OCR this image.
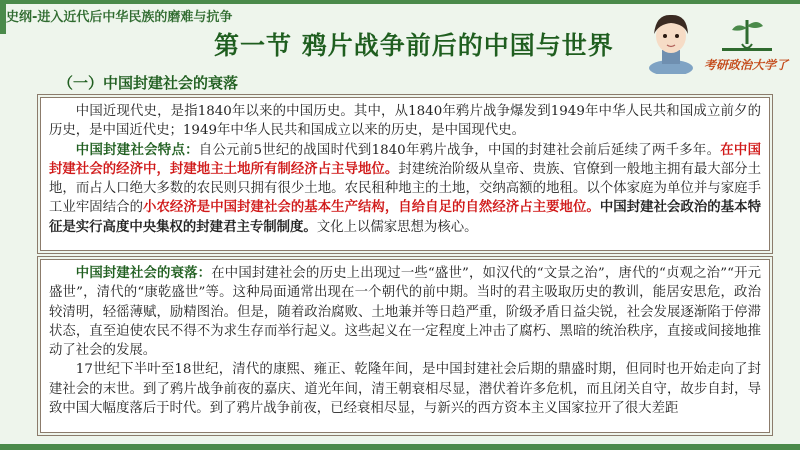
史纲-进入近代后中华民族的磨难与抗争
第一节 鸦片战争前后的中国与世界
考研政治大学了
（一）中国封建社会的衰落

中国近现代史，是指1840年以来的中国历史。其中，从1840年鸦片战争爆发到1949年中华人民共和国成立前夕的历史，是中国近代史；1949年中华人民共和国成立以来的历史，是中国现代史。

中国封建社会特点：自公元前5世纪的战国时代到1840年鸦片战争，中国的封建社会前后延续了两千多年。在中国封建社会的经济中，封建地主土地所有制经济占主导地位。封建统治阶级从皇帝、贵族、官僚到一般地主拥有最大部分土地，而占人口绝大多数的农民则只拥有很少土地。农民租种地主的土地，交纳高额的地租。以个体家庭为单位并与家庭手工业牢固结合的小农经济是中国封建社会的基本生产结构，自给自足的自然经济占主要地位。中国封建社会政治的基本特征是实行高度中央集权的封建君主专制制度。文化上以儒家思想为核心。

中国封建社会的衰落：在中国封建社会的历史上出现过一些“盛世”，如汉代的“文景之治”，唐代的“贞观之治”“开元盛世”，清代的“康乾盛世”等。这种局面通常出现在一个朝代的前中期。当时的君主吸取历史的教训，能居安思危，政治较清明，轻徭薄赋，励精图治。但是，随着政治腐败、土地兼并等日趋严重，阶级矛盾日益尖锐，社会发展逐渐陷于停滞状态，直至迫使农民不得不为求生存而举行起义。这些起义在一定程度上冲击了腐朽、黑暗的统治秩序，直接或间接地推动了社会的发展。

17世纪下半叶至18世纪，清代的康熙、雍正、乾隆年间，是中国封建社会后期的鼎盛时期，但同时也开始走向了封建社会的末世。到了鸦片战争前夜的嘉庆、道光年间，清王朝衰相尽显，潜伏着许多危机，而且闭关自守，故步自封，导致中国大幅度落后于时代。到了鸦片战争前夜，已经衰相尽显，与新兴的西方资本主义国家拉开了很大差距
